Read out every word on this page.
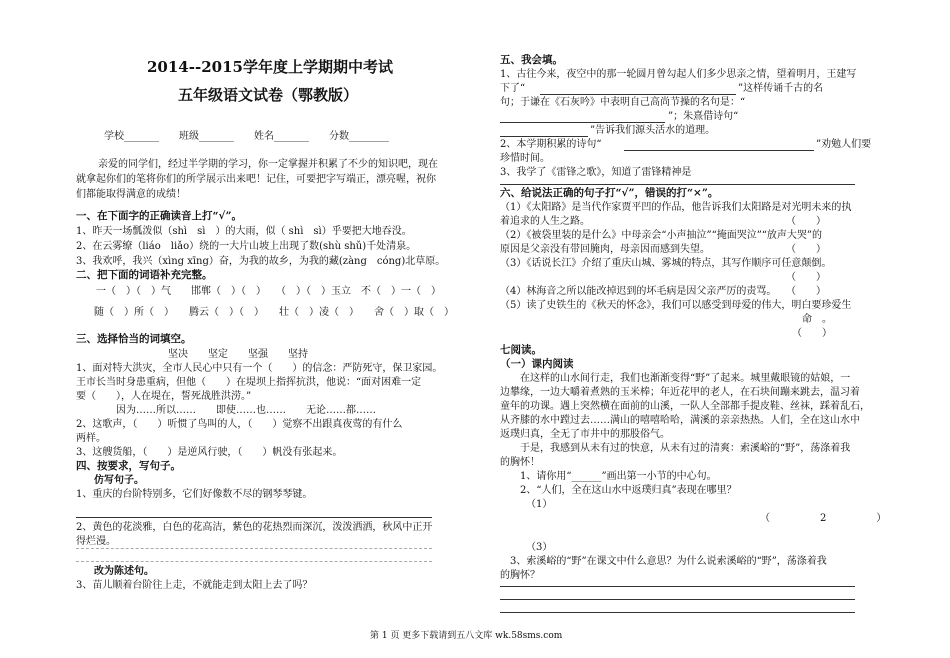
2014--2015学年度上学期期中考试
五年级语文试卷（鄂教版）
学校_______　　班级_______　　姓名_______　　分数________
亲爱的同学们，经过半学期的学习，你一定掌握并积累了不少的知识吧，现在
就拿起你们的笔将你们的所学展示出来吧！记住，可要把字写端正，漂亮喔，祝你
们都能取得满意的成绩！
一、在下面字的正确读音上打“√”。
1、昨天一场瓢泼似（shì　sì　）的大雨，似（ shì　sì）乎要把大地吞没。
2、在云雾缭（liáo　liǎo）绕的一大片山坡上出现了数(shù shǔ)千处清泉。
3、我欢呼，我兴（xìng xīng）奋，为我的故乡，为我的藏(zàng　cóng)北草原。
二、把下面的词语补充完整。
一（　）（　）气　　邯郸（　）（　）　　（　）（　）玉立　不（　）一（　）
　随（　）所（　）　　腾云（　）（　）　　壮（　）凌（　）　　舍（　）取（　）
三、选择恰当的词填空。
坚决　　坚定　　坚强　　坚持
1、面对特大洪灾，全市人民心中只有一个（　　）的信念：严防死守，保卫家园。
王市长当时身患重病，但他（　　）在堤坝上指挥抗洪，他说：“面对困难一定
要（　　），人在堤在，誓死战胜洪涝。”
因为……所以……　　即使……也……　　无论……都……
2、这歌声，（　　）听惯了鸟叫的人，（　　）觉察不出跟真夜莺的有什么
两样。
3、这艘货船，（　　）是逆风行驶，（　　）帆没有张起来。
四、按要求，写句子。
仿写句子。
1、重庆的台阶特别多，它们好像数不尽的钢琴琴键。
2、黄色的花淡雅，白色的花高洁，紫色的花热烈而深沉，泼泼洒洒，秋风中正开
得烂漫。
改为陈述句。
3、苗儿顺着台阶往上走，不就能走到太阳上去了吗？
五、我会填。
1、古往今来，夜空中的那一轮圆月曾勾起人们多少思亲之情，望着明月，王建写
下了“	”这样传诵千古的名
句；于谦在《石灰吟》中表明自己高尚节操的名句是：“
”；朱熹借诗句“
”告诉我们源头活水的道理。
2、本学期积累的诗句“	”劝勉人们要
珍惜时间。
3、我学了《雷锋之歌》，知道了雷锋精神是
六、给说法正确的句子打“√”，错误的打“×”。
（1）《太阳路》是当代作家贾平凹的作品，他告诉我们太阳路是对光明未来的执
着追求的人生之路。	（　　）
（2）《被袋里装的是什么》中母亲会“小声抽泣”“掩面哭泣”“放声大哭”的
原因是父亲没有带回腌肉，母亲因而感到失望。	（　　）
（3）《话说长江》介绍了重庆山城、雾城的特点，其写作顺序可任意颠倒。
（　　）
（4）林海音之所以能改掉迟到的坏毛病是因父亲严厉的责骂。 （　　）
（5）读了史铁生的《秋天的怀念》，我们可以感受到母爱的伟大，明白要珍爱生
命　。
（　　）
七阅读。
（一）课内阅读
　在这样的山水间行走，我们也渐渐变得“野”了起来。城里戴眼镜的姑娘，一
边攀缘，一边大嚼着煮熟的玉米棒；年近花甲的老人，在石块间蹦来跳去，温习着
童年的功课。遇上突然横在面前的山溪，一队人全部都手提皮鞋、丝袜，踩着乱石，
从齐膝的水中蹚过去……满山的嘻嘻哈哈，满溪的亲亲热热。人们，全在这山水中
返璞归真，全无了市井中的那股俗气。
　于是，我感到从未有过的快意，从未有过的清爽：索溪峪的“野”，荡涤着我
的胸怀！
1、请你用“______”画出第一小节的中心句。
2、“人们，全在这山水中返璞归真”表现在哪里？
（1）
（　　　　　2　　　　　）
（3）
3、索溪峪的“野”在课文中什么意思？为什么说索溪峪的“野”，荡涤着我
的胸怀？
第 1 页 更多下载请到五八文库 wk.58sms.com
